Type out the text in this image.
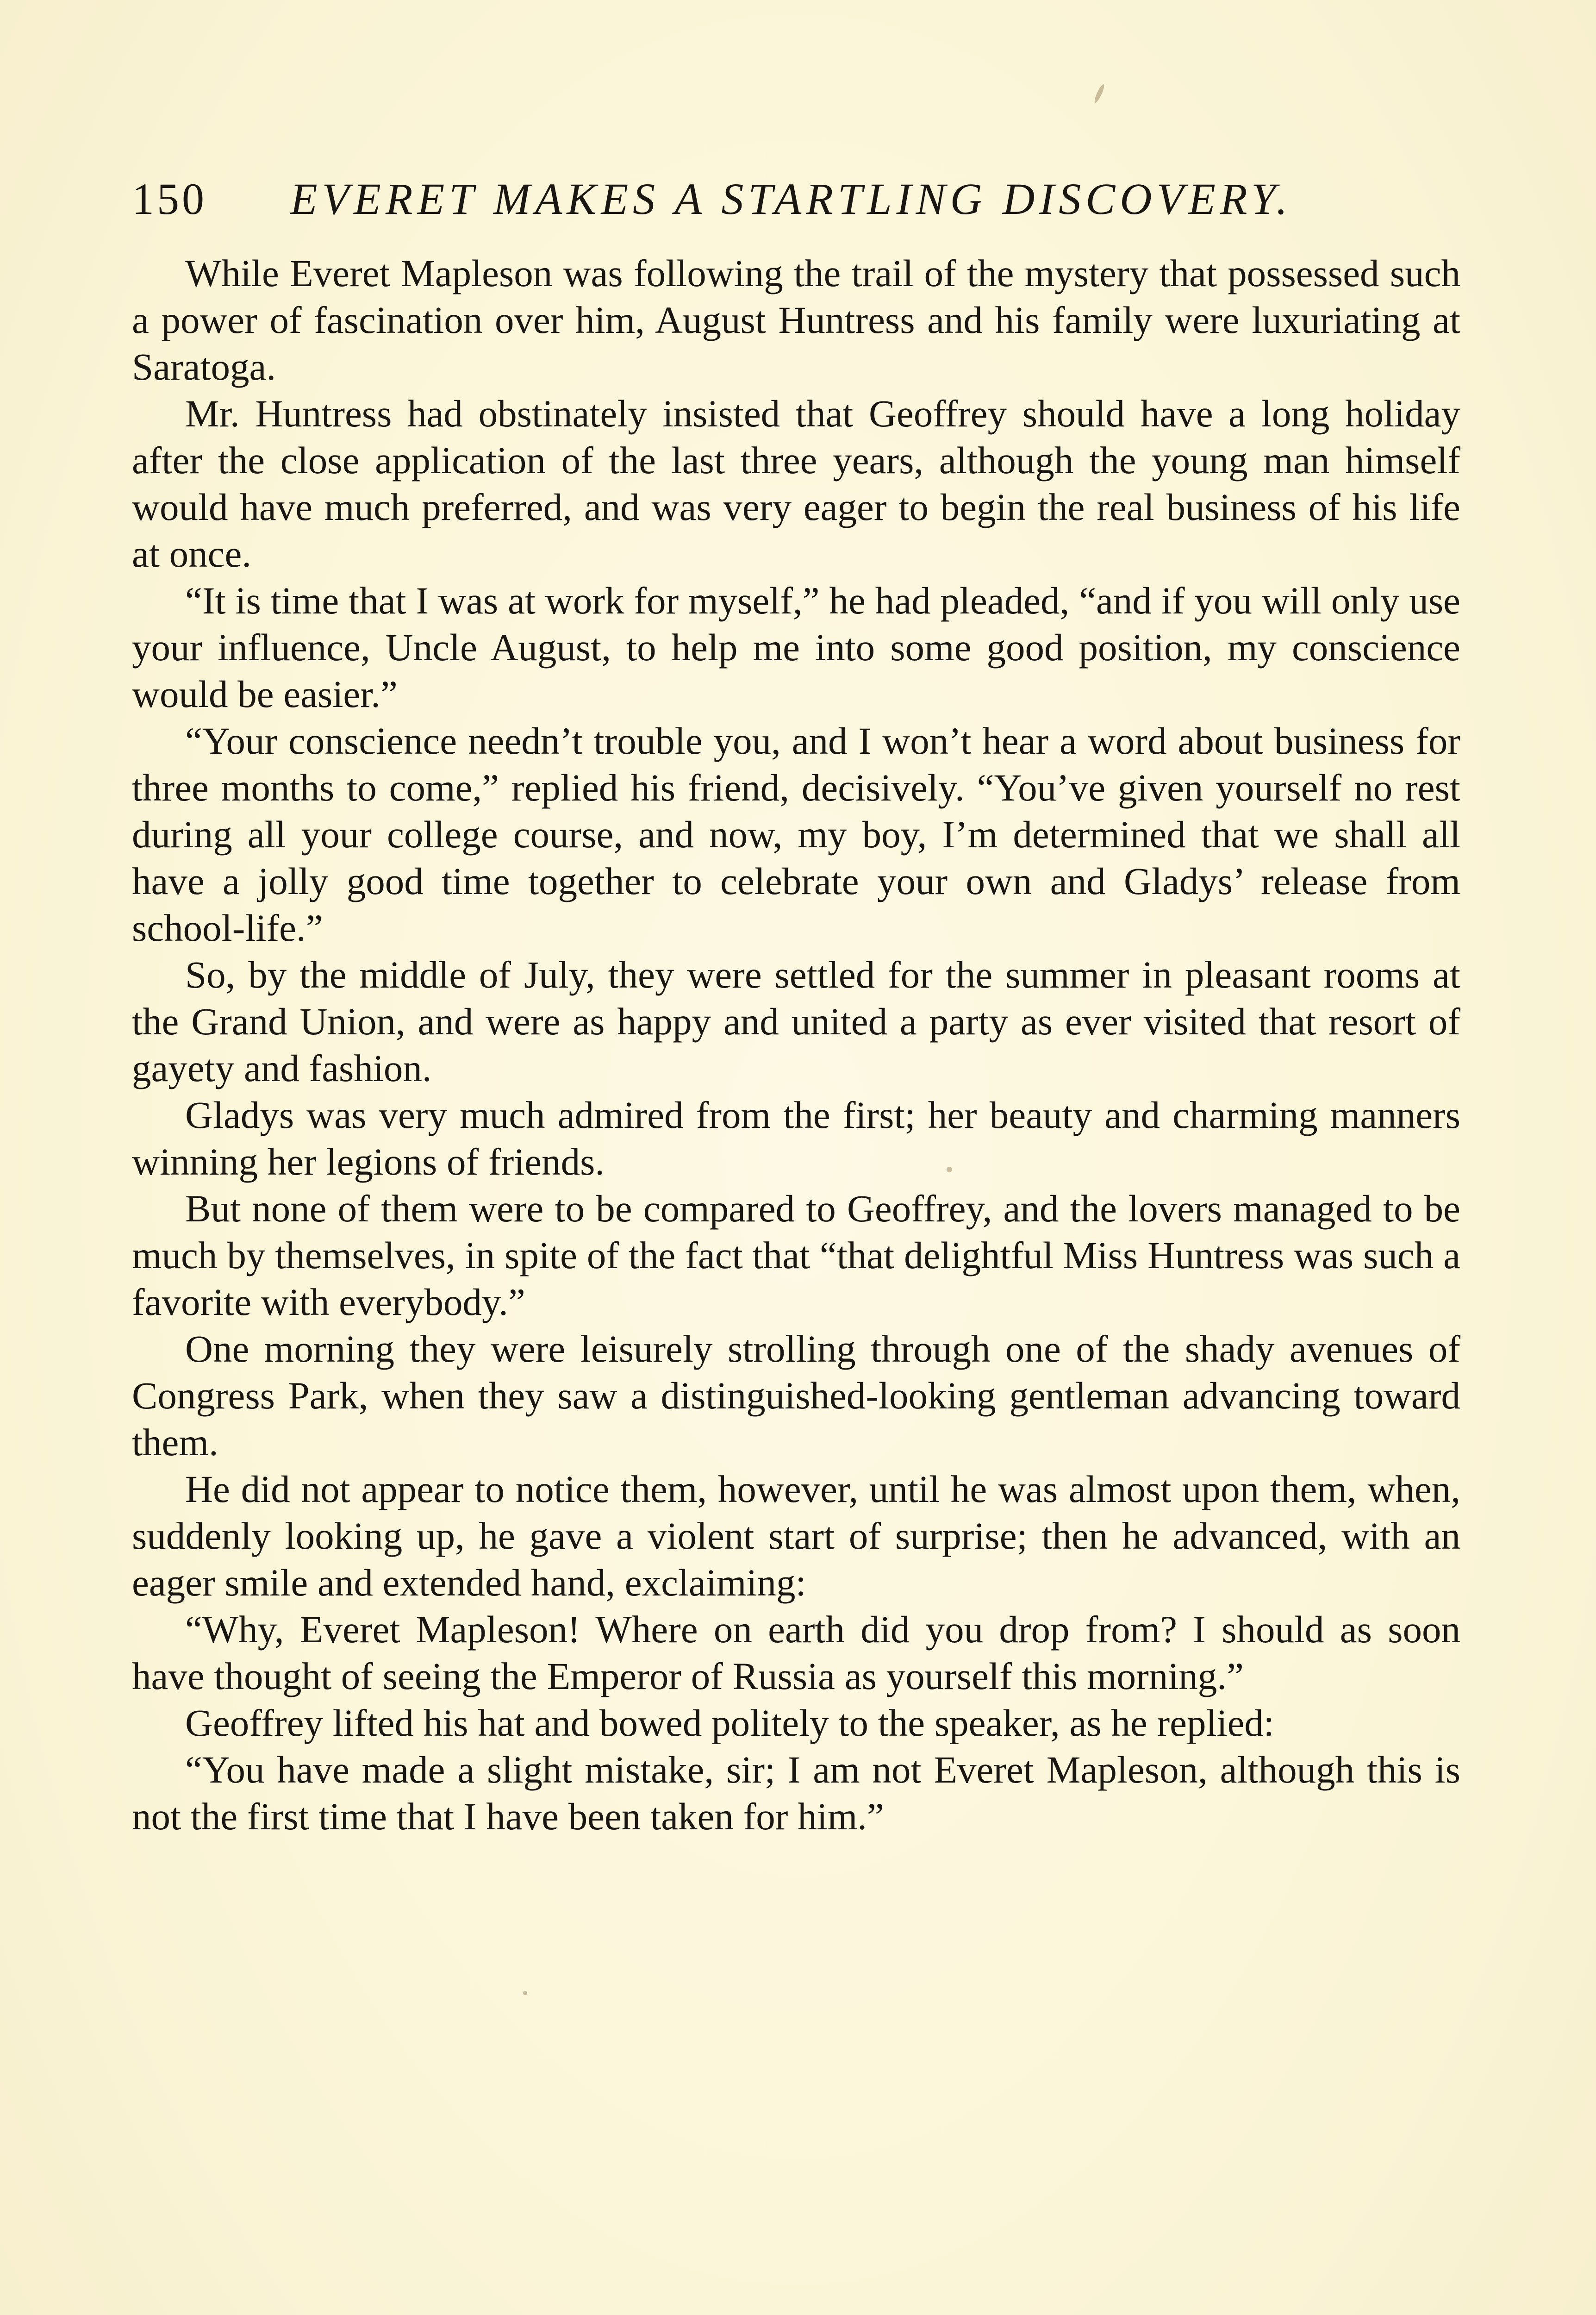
150 EVERET MAKES A STARTLING DISCOVERY.

While Everet Mapleson was following the trail of the mystery that possessed such a power of fascination over him, August Huntress and his family were luxuriating at Saratoga.

Mr. Huntress had obstinately insisted that Geoffrey should have a long holiday after the close application of the last three years, although the young man himself would have much preferred, and was very eager to begin the real business of his life at once.

“It is time that I was at work for myself,” he had pleaded, “and if you will only use your influence, Uncle August, to help me into some good position, my conscience would be easier.”

“Your conscience needn’t trouble you, and I won’t hear a word about business for three months to come,” replied his friend, decisively. “You’ve given yourself no rest during all your college course, and now, my boy, I’m determined that we shall all have a jolly good time together to celebrate your own and Gladys’ release from school-life.”

So, by the middle of July, they were settled for the summer in pleasant rooms at the Grand Union, and were as happy and united a party as ever visited that resort of gayety and fashion.

Gladys was very much admired from the first; her beauty and charming manners winning her legions of friends.

But none of them were to be compared to Geoffrey, and the lovers managed to be much by themselves, in spite of the fact that “that delightful Miss Huntress was such a favorite with everybody.”

One morning they were leisurely strolling through one of the shady avenues of Congress Park, when they saw a distinguished-looking gentleman advancing toward them.

He did not appear to notice them, however, until he was almost upon them, when, suddenly looking up, he gave a violent start of surprise; then he advanced, with an eager smile and extended hand, exclaiming:

“Why, Everet Mapleson! Where on earth did you drop from? I should as soon have thought of seeing the Emperor of Russia as yourself this morning.”

Geoffrey lifted his hat and bowed politely to the speaker, as he replied:

“You have made a slight mistake, sir; I am not Everet Mapleson, although this is not the first time that I have been taken for him.”
